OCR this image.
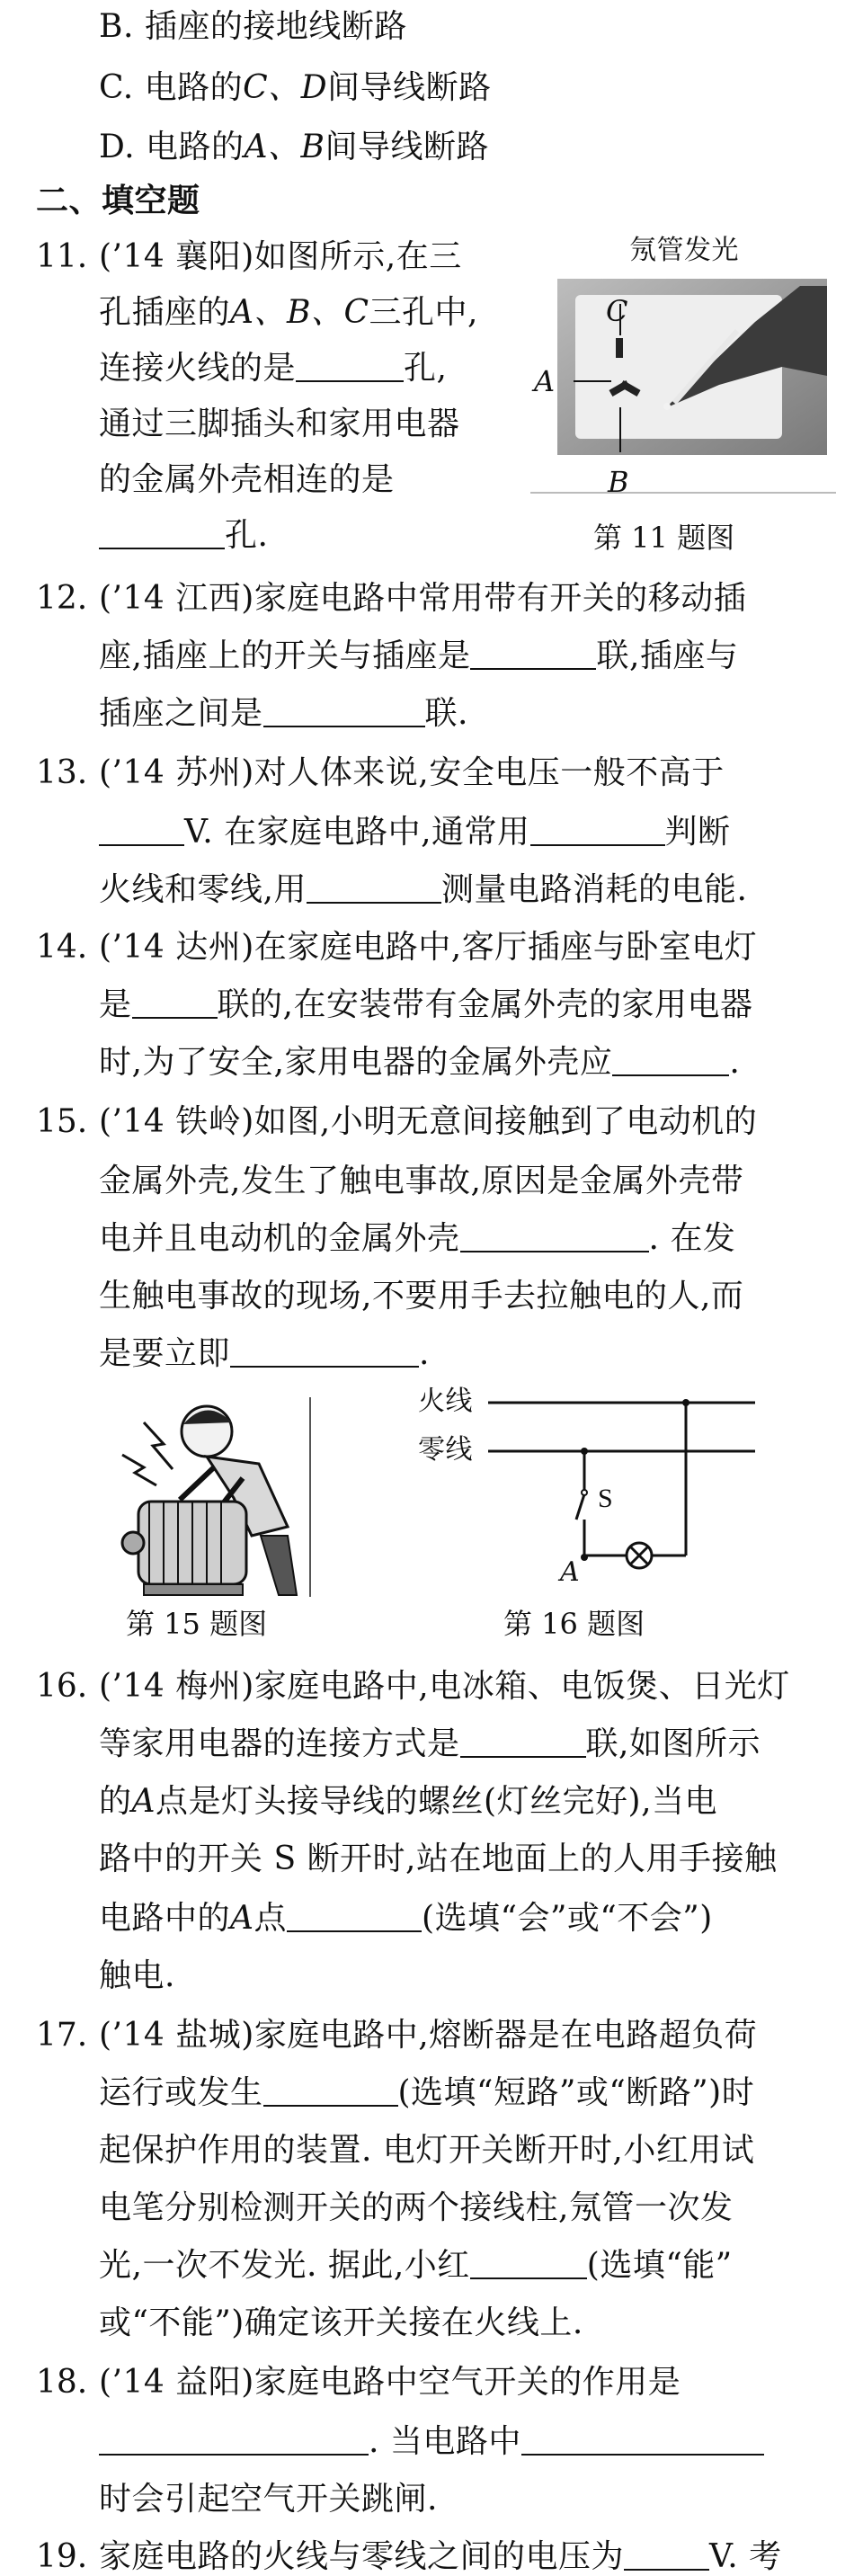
B. 插座的接地线断路
C. 电路的C、D间导线断路
D. 电路的A、B间导线断路
二、填空题
11. (’14 襄阳)如图所示,在三
孔插座的A、B、C三孔中,
连接火线的是	孔,
通过三脚插头和家用电器
的金属外壳相连的是
孔.
氖管发光
C
A
B
第 11 题图
12. (’14 江西)家庭电路中常用带有开关的移动插
座,插座上的开关与插座是	联,插座与
插座之间是	联.
13. (’14 苏州)对人体来说,安全电压一般不高于
V. 在家庭电路中,通常用	判断
火线和零线,用	测量电路消耗的电能.
14. (’14 达州)在家庭电路中,客厅插座与卧室电灯
是	联的,在安装带有金属外壳的家用电器
时,为了安全,家用电器的金属外壳应	.
15. (’14 铁岭)如图,小明无意间接触到了电动机的
金属外壳,发生了触电事故,原因是金属外壳带
电并且电动机的金属外壳	. 在发
生触电事故的现场,不要用手去拉触电的人,而
是要立即	.
第 15 题图
火线
零线
S
A
第 16 题图
16. (’14 梅州)家庭电路中,电冰箱、电饭煲、日光灯
等家用电器的连接方式是	联,如图所示
的A点是灯头接导线的螺丝(灯丝完好),当电
路中的开关 S 断开时,站在地面上的人用手接触
电路中的A点	(选填“会”或“不会”)
触电.
17. (’14 盐城)家庭电路中,熔断器是在电路超负荷
运行或发生	(选填“短路”或“断路”)时
起保护作用的装置. 电灯开关断开时,小红用试
电笔分别检测开关的两个接线柱,氖管一次发
光,一次不发光. 据此,小红	(选填“能”
或“不能”)确定该开关接在火线上.
18. (’14 益阳)家庭电路中空气开关的作用是
. 当电路中
时会引起空气开关跳闸.
19. 家庭电路的火线与零线之间的电压为	V. 考
